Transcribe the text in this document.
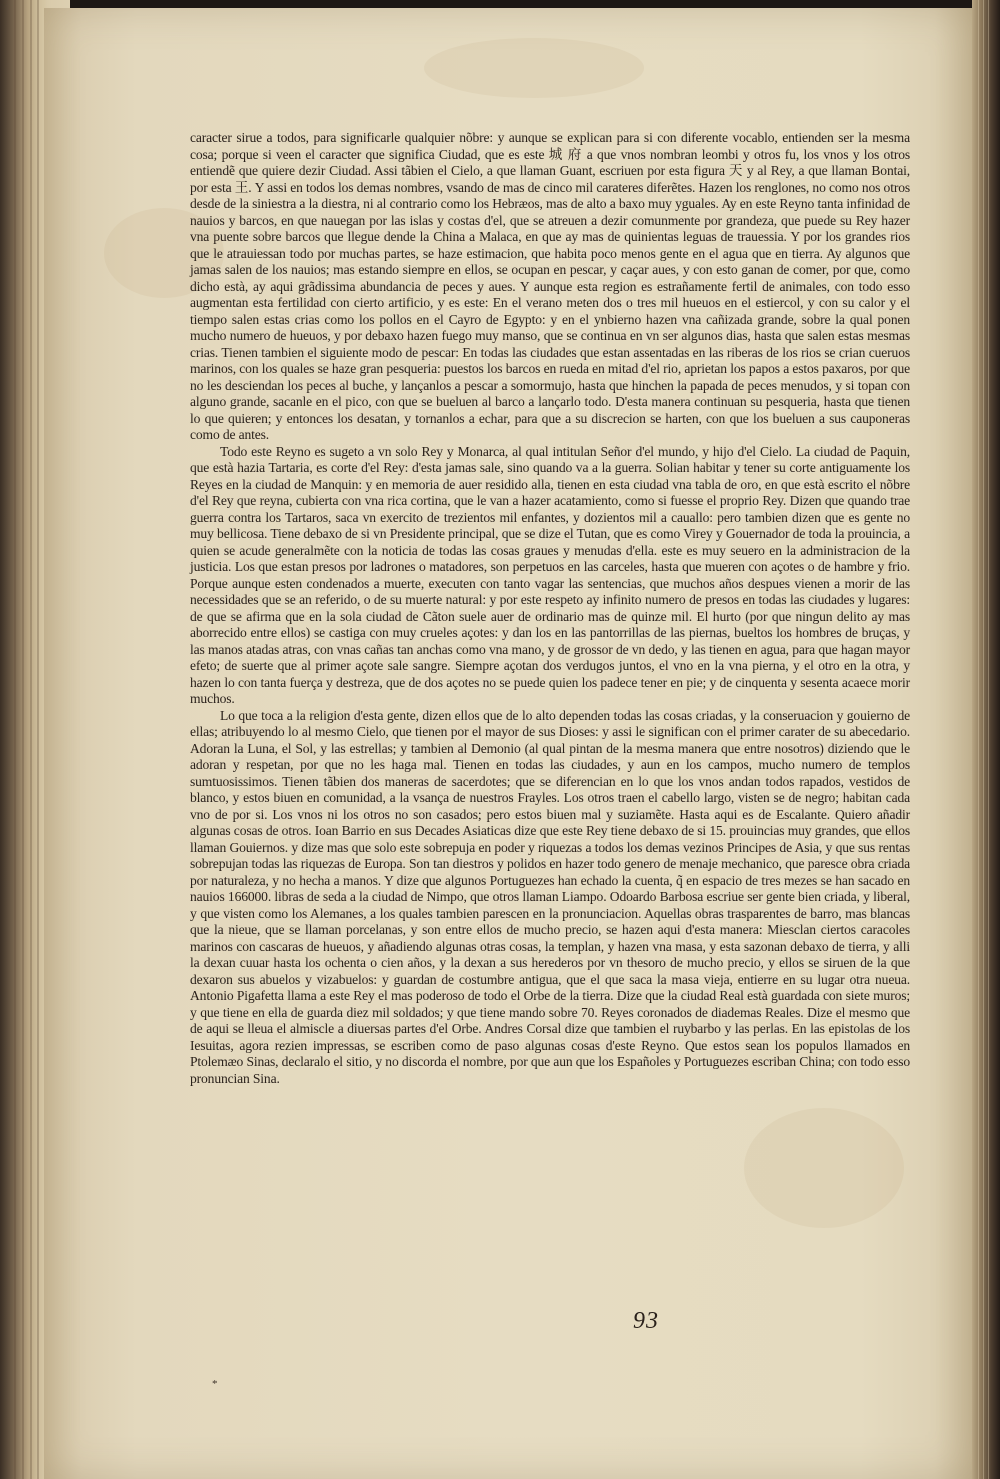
caracter sirue a todos, para significarle qualquier nõbre: y aunque se explican para si con diferente vocablo, entienden ser la mesma cosa; porque si veen el caracter que significa Ciudad, que es este 城 府 a que vnos nombran leombi y otros fu, los vnos y los otros entiendẽ que quiere dezir Ciudad. Assi tãbien el Cielo, a que llaman Guant, escriuen por esta figura 天 y al Rey, a que llaman Bontai, por esta 王. Y assi en todos los demas nombres, vsando de mas de cinco mil carateres diferẽtes. Hazen los renglones, no como nos otros desde de la siniestra a la diestra, ni al contrario como los Hebræos, mas de alto a baxo muy yguales. Ay en este Reyno tanta infinidad de nauios y barcos, en que nauegan por las islas y costas d'el, que se atreuen a dezir comunmente por grandeza, que puede su Rey hazer vna puente sobre barcos que llegue dende la China a Malaca, en que ay mas de quinientas leguas de trauessia. Y por los grandes rios que le atrauiessan todo por muchas partes, se haze estimacion, que habita poco menos gente en el agua que en tierra. Ay algunos que jamas salen de los nauios; mas estando siempre en ellos, se ocupan en pescar, y caçar aues, y con esto ganan de comer, por que, como dicho està, ay aqui grãdissima abundancia de peces y aues. Y aunque esta region es estrañamente fertil de animales, con todo esso augmentan esta fertilidad con cierto artificio, y es este: En el verano meten dos o tres mil hueuos en el estiercol, y con su calor y el tiempo salen estas crias como los pollos en el Cayro de Egypto: y en el ynbierno hazen vna cañizada grande, sobre la qual ponen mucho numero de hueuos, y por debaxo hazen fuego muy manso, que se continua en vn ser algunos dias, hasta que salen estas mesmas crias. Tienen tambien el siguiente modo de pescar: En todas las ciudades que estan assentadas en las riberas de los rios se crian cueruos marinos, con los quales se haze gran pesqueria: puestos los barcos en rueda en mitad d'el rio, aprietan los papos a estos paxaros, por que no les desciendan los peces al buche, y lançanlos a pescar a somormujo, hasta que hinchen la papada de peces menudos, y si topan con alguno grande, sacanle en el pico, con que se bueluen al barco a lançarlo todo. D'esta manera continuan su pesqueria, hasta que tienen lo que quieren; y entonces los desatan, y tornanlos a echar, para que a su discrecion se harten, con que los bueluen a sus cauponeras como de antes.

Todo este Reyno es sugeto a vn solo Rey y Monarca, al qual intitulan Señor d'el mundo, y hijo d'el Cielo. La ciudad de Paquin, que està hazia Tartaria, es corte d'el Rey: d'esta jamas sale, sino quando va a la guerra. Solian habitar y tener su corte antiguamente los Reyes en la ciudad de Manquin: y en memoria de auer residido alla, tienen en esta ciudad vna tabla de oro, en que està escrito el nõbre d'el Rey que reyna, cubierta con vna rica cortina, que le van a hazer acatamiento, como si fuesse el proprio Rey. Dizen que quando trae guerra contra los Tartaros, saca vn exercito de trezientos mil enfantes, y dozientos mil a cauallo: pero tambien dizen que es gente no muy bellicosa. Tiene debaxo de si vn Presidente principal, que se dize el Tutan, que es como Virey y Gouernador de toda la prouincia, a quien se acude generalmẽte con la noticia de todas las cosas graues y menudas d'ella. este es muy seuero en la administracion de la justicia. Los que estan presos por ladrones o matadores, son perpetuos en las carceles, hasta que mueren con açotes o de hambre y frio. Porque aunque esten condenados a muerte, executen con tanto vagar las sentencias, que muchos años despues vienen a morir de las necessidades que se an referido, o de su muerte natural: y por este respeto ay infinito numero de presos en todas las ciudades y lugares: de que se afirma que en la sola ciudad de Cãton suele auer de ordinario mas de quinze mil. El hurto (por que ningun delito ay mas aborrecido entre ellos) se castiga con muy crueles açotes: y dan los en las pantorrillas de las piernas, bueltos los hombres de bruças, y las manos atadas atras, con vnas cañas tan anchas como vna mano, y de grossor de vn dedo, y las tienen en agua, para que hagan mayor efeto; de suerte que al primer açote sale sangre. Siempre açotan dos verdugos juntos, el vno en la vna pierna, y el otro en la otra, y hazen lo con tanta fuerça y destreza, que de dos açotes no se puede quien los padece tener en pie; y de cinquenta y sesenta acaece morir muchos.

Lo que toca a la religion d'esta gente, dizen ellos que de lo alto dependen todas las cosas criadas, y la conseruacion y gouierno de ellas; atribuyendo lo al mesmo Cielo, que tienen por el mayor de sus Dioses: y assi le significan con el primer carater de su abecedario. Adoran la Luna, el Sol, y las estrellas; y tambien al Demonio (al qual pintan de la mesma manera que entre nosotros) diziendo que le adoran y respetan, por que no les haga mal. Tienen en todas las ciudades, y aun en los campos, mucho numero de templos sumtuosissimos. Tienen tãbien dos maneras de sacerdotes; que se diferencian en lo que los vnos andan todos rapados, vestidos de blanco, y estos biuen en comunidad, a la vsança de nuestros Frayles. Los otros traen el cabello largo, visten se de negro; habitan cada vno de por si. Los vnos ni los otros no son casados; pero estos biuen mal y suziamẽte. Hasta aqui es de Escalante. Quiero añadir algunas cosas de otros. Ioan Barrio en sus Decades Asiaticas dize que este Rey tiene debaxo de si 15. prouincias muy grandes, que ellos llaman Gouiernos. y dize mas que solo este sobrepuja en poder y riquezas a todos los demas vezinos Principes de Asia, y que sus rentas sobrepujan todas las riquezas de Europa. Son tan diestros y polidos en hazer todo genero de menaje mechanico, que paresce obra criada por naturaleza, y no hecha a manos. Y dize que algunos Portuguezes han echado la cuenta, q̃ en espacio de tres mezes se han sacado en nauios 166000. libras de seda a la ciudad de Nimpo, que otros llaman Liampo. Odoardo Barbosa escriue ser gente bien criada, y liberal, y que visten como los Alemanes, a los quales tambien parescen en la pronunciacion. Aquellas obras trasparentes de barro, mas blancas que la nieue, que se llaman porcelanas, y son entre ellos de mucho precio, se hazen aqui d'esta manera: Miesclan ciertos caracoles marinos con cascaras de hueuos, y añadiendo algunas otras cosas, la templan, y hazen vna masa, y esta sazonan debaxo de tierra, y alli la dexan cuuar hasta los ochenta o cien años, y la dexan a sus herederos por vn thesoro de mucho precio, y ellos se siruen de la que dexaron sus abuelos y vizabuelos: y guardan de costumbre antigua, que el que saca la masa vieja, entierre en su lugar otra nueua. Antonio Pigafetta llama a este Rey el mas poderoso de todo el Orbe de la tierra. Dize que la ciudad Real està guardada con siete muros; y que tiene en ella de guarda diez mil soldados; y que tiene mando sobre 70. Reyes coronados de diademas Reales. Dize el mesmo que de aqui se lleua el almiscle a diuersas partes d'el Orbe. Andres Corsal dize que tambien el ruybarbo y las perlas. En las epistolas de los Iesuitas, agora rezien impressas, se escriben como de paso algunas cosas d'este Reyno. Que estos sean los populos llamados en Ptolemæo Sinas, declaralo el sitio, y no discorda el nombre, por que aun que los Españoles y Portuguezes escriban China; con todo esso pronuncian Sina.

93
*
